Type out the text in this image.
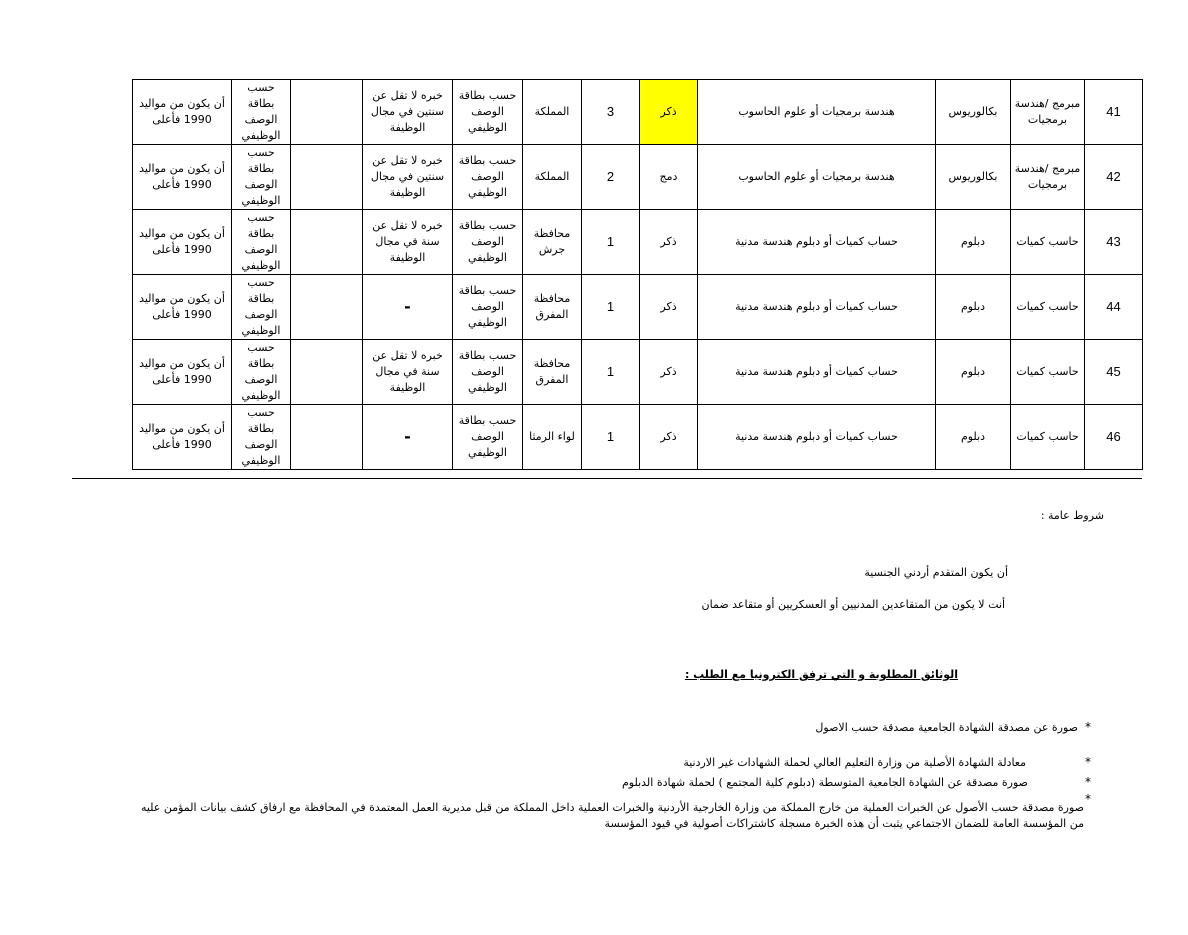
أن يكون من مواليد 1990 فأعلى	حسب بطاقة الوصف الوظيفي		خبره لا تقل عن سنتين في مجال الوظيفة	حسب بطاقة الوصف الوظيفي	المملكة	3	ذكر	هندسة برمجيات أو علوم الحاسوب	بكالوريوس	مبرمج /هندسة برمجيات	41
أن يكون من مواليد 1990 فأعلى	حسب بطاقة الوصف الوظيفي		خبره لا تقل عن سنتين في مجال الوظيفة	حسب بطاقة الوصف الوظيفي	المملكة	2	دمج	هندسة برمجيات أو علوم الحاسوب	بكالوريوس	مبرمج /هندسة برمجيات	42
أن يكون من مواليد 1990 فأعلى	حسب بطاقة الوصف الوظيفي		خبره لا تقل عن سنة في مجال الوظيفة	حسب بطاقة الوصف الوظيفي	محافظة جرش	1	ذكر	حساب كميات أو دبلوم هندسة مدنية	دبلوم	حاسب كميات	43
أن يكون من مواليد 1990 فأعلى	حسب بطاقة الوصف الوظيفي		-	حسب بطاقة الوصف الوظيفي	محافظة المفرق	1	ذكر	حساب كميات أو دبلوم هندسة مدنية	دبلوم	حاسب كميات	44
أن يكون من مواليد 1990 فأعلى	حسب بطاقة الوصف الوظيفي		خبره لا تقل عن سنة في مجال الوظيفة	حسب بطاقة الوصف الوظيفي	محافظة المفرق	1	ذكر	حساب كميات أو دبلوم هندسة مدنية	دبلوم	حاسب كميات	45
أن يكون من مواليد 1990 فأعلى	حسب بطاقة الوصف الوظيفي		-	حسب بطاقة الوصف الوظيفي	لواء الرمثا	1	ذكر	حساب كميات أو دبلوم هندسة مدنية	دبلوم	حاسب كميات	46
شروط عامة :
أن يكون المتقدم أردني الجنسية
أنت لا يكون من المتقاعدين المدنيين أو العسكريين أو متقاعد ضمان
الوثائق المطلوبة و التي ترفق الكترونيا مع الطلب :
*
صورة عن مصدقة الشهادة الجامعية مصدقة حسب الاصول
*
معادلة الشهادة الأصلية من وزارة التعليم العالي لحملة الشهادات غير الاردنية
*
صورة مصدقة عن الشهادة الجامعية المتوسطة (دبلوم كلية المجتمع ) لحملة شهادة الدبلوم
*
صورة مصدقة حسب الأصول عن الخبرات العملية من خارج المملكة من وزارة الخارجية الأردنية والخبرات العملية داخل المملكة من قبل مديرية العمل المعتمدة في المحافظة مع ارفاق كشف بيانات المؤمن عليه من المؤسسة العامة للضمان الاجتماعي يثبت أن هذه الخبرة مسجلة كاشتراكات أصولية في قيود المؤسسة
